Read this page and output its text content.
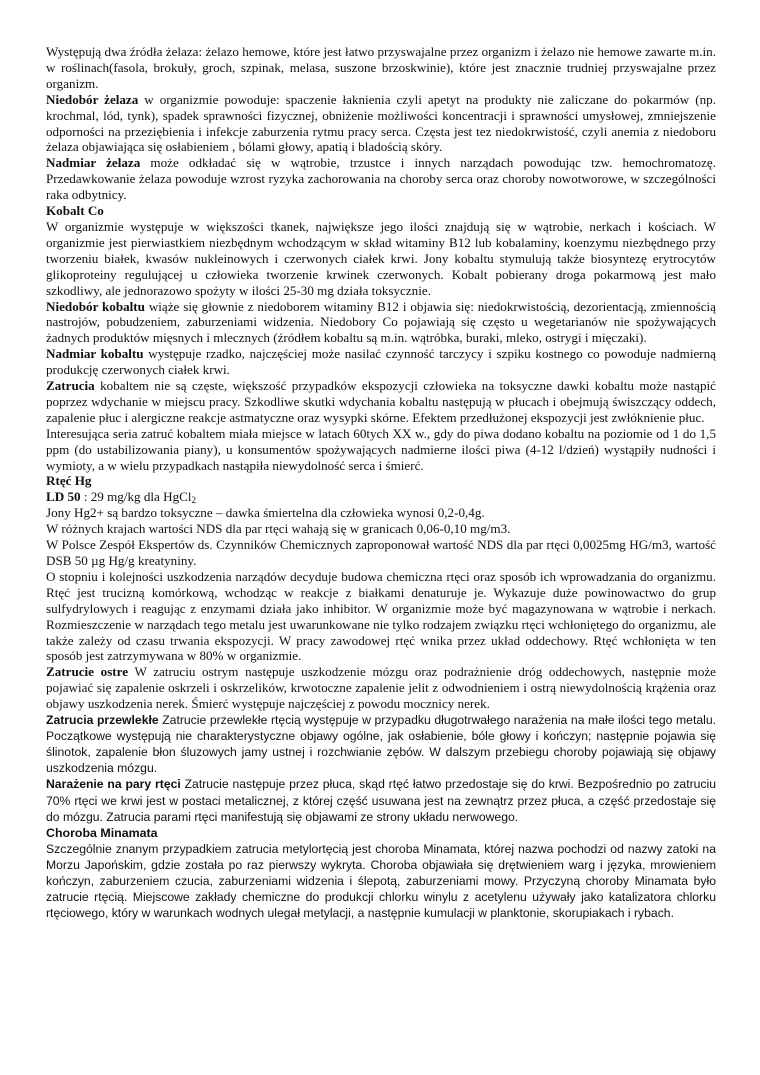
Występują dwa źródła żelaza: żelazo hemowe, które jest łatwo przyswajalne przez organizm i żelazo nie hemowe zawarte m.in. w roślinach(fasola, brokuły, groch, szpinak, melasa, suszone brzoskwinie), które jest znacznie trudniej przyswajalne przez organizm.

Niedobór żelaza w organizmie powoduje: spaczenie łaknienia czyli apetyt na produkty nie zaliczane do pokarmów (np. krochmal, lód, tynk), spadek sprawności fizycznej, obniżenie możliwości koncentracji i sprawności umysłowej, zmniejszenie odporności na przeziębienia i infekcje zaburzenia rytmu pracy serca. Częsta jest tez niedokrwistość, czyli anemia z niedoboru żelaza objawiająca się osłabieniem , bólami głowy, apatią i bladością skóry.

Nadmiar żelaza może odkładać się w wątrobie, trzustce i innych narządach powodując tzw. hemochromatozę. Przedawkowanie żelaza powoduje wzrost ryzyka zachorowania na choroby serca oraz choroby nowotworowe, w szczególności raka odbytnicy.

Kobalt Co

W organizmie występuje w większości tkanek, największe jego ilości znajdują się w wątrobie, nerkach i kościach. W organizmie jest pierwiastkiem niezbędnym wchodzącym w skład witaminy B12 lub kobalaminy, koenzymu niezbędnego przy tworzeniu białek, kwasów nukleinowych i czerwonych ciałek krwi. Jony kobaltu stymulują także biosyntezę erytrocytów glikoproteiny regulującej u człowieka tworzenie krwinek czerwonych. Kobalt pobierany droga pokarmową jest mało szkodliwy, ale jednorazowo spożyty w ilości 25-30 mg działa toksycznie.

Niedobór kobaltu wiąże się głownie z niedoborem witaminy B12 i objawia się: niedokrwistością, dezorientacją, zmiennością nastrojów, pobudzeniem, zaburzeniami widzenia. Niedobory Co pojawiają się często u wegetarianów nie spożywających żadnych produktów mięsnych i mlecznych (źródłem kobaltu są m.in. wątróbka, buraki, mleko, ostrygi i mięczaki).

Nadmiar kobaltu występuje rzadko, najczęściej może nasilać czynność tarczycy i szpiku kostnego co powoduje nadmierną produkcję czerwonych ciałek krwi.

Zatrucia kobaltem nie są częste, większość przypadków ekspozycji człowieka na toksyczne dawki kobaltu może nastąpić poprzez wdychanie w miejscu pracy. Szkodliwe skutki wdychania kobaltu następują w płucach i obejmują świszczący oddech, zapalenie płuc i alergiczne reakcje astmatyczne oraz wysypki skórne. Efektem przedłużonej ekspozycji jest zwłóknienie płuc.

Interesująca seria zatruć kobaltem miała miejsce w latach 60tych XX w., gdy do piwa dodano kobaltu na poziomie od 1 do 1,5 ppm (do ustabilizowania piany), u konsumentów spożywających nadmierne ilości piwa (4-12 l/dzień) wystąpiły nudności i wymioty, a w wielu przypadkach nastąpiła niewydolność serca i śmierć.

Rtęć Hg

LD 50 : 29 mg/kg dla HgCl$_2$

Jony Hg2+ są bardzo toksyczne – dawka śmiertelna dla człowieka wynosi 0,2-0,4g.

W różnych krajach wartości NDS dla par rtęci wahają się w granicach 0,06-0,10 mg/m3.

W Polsce Zespół Ekspertów ds. Czynników Chemicznych zaproponował wartość NDS dla par rtęci 0,0025mg HG/m3, wartość DSB 50 µg Hg/g kreatyniny.

O stopniu i kolejności uszkodzenia narządów decyduje budowa chemiczna rtęci oraz sposób ich wprowadzania do organizmu. Rtęć jest trucizną komórkową, wchodząc w reakcje z białkami denaturuje je. Wykazuje duże powinowactwo do grup sulfydrylowych i reagując z enzymami działa jako inhibitor. W organizmie może być magazynowana w wątrobie i nerkach. Rozmieszczenie w narządach tego metalu jest uwarunkowane nie tylko rodzajem związku rtęci wchłoniętego do organizmu, ale także zależy od czasu trwania ekspozycji. W pracy zawodowej rtęć wnika przez układ oddechowy. Rtęć wchłonięta w ten sposób jest zatrzymywana w 80% w organizmie.

Zatrucie ostre W zatruciu ostrym następuje uszkodzenie mózgu oraz podrażnienie dróg oddechowych, następnie może pojawiać się zapalenie oskrzeli i oskrzelików, krwotoczne zapalenie jelit z odwodnieniem i ostrą niewydolnością krążenia oraz objawy uszkodzenia nerek. Śmierć występuje najczęściej z powodu mocznicy nerek.

Zatrucia przewlekłe Zatrucie przewlekłe rtęcią występuje w przypadku długotrwałego narażenia na małe ilości tego metalu. Początkowe występują nie charakterystyczne objawy ogólne, jak osłabienie, bóle głowy i kończyn; następnie pojawia się ślinotok, zapalenie błon śluzowych jamy ustnej i rozchwianie zębów. W dalszym przebiegu choroby pojawiają się objawy uszkodzenia mózgu.

Narażenie na pary rtęci Zatrucie następuje przez płuca, skąd rtęć łatwo przedostaje się do krwi. Bezpośrednio po zatruciu 70% rtęci we krwi jest w postaci metalicznej, z której część usuwana jest na zewnątrz przez płuca, a część przedostaje się do mózgu. Zatrucia parami rtęci manifestują się objawami ze strony układu nerwowego.

Choroba Minamata

Szczególnie znanym przypadkiem zatrucia metylortęcią jest choroba Minamata, której nazwa pochodzi od nazwy zatoki na Morzu Japońskim, gdzie została po raz pierwszy wykryta. Choroba objawiała się drętwieniem warg i języka, mrowieniem kończyn, zaburzeniem czucia, zaburzeniami widzenia i ślepotą, zaburzeniami mowy. Przyczyną choroby Minamata było zatrucie rtęcią. Miejscowe zakłady chemiczne do produkcji chlorku winylu z acetylenu używały jako katalizatora chlorku rtęciowego, który w warunkach wodnych ulegał metylacji, a następnie kumulacji w planktonie, skorupiakach i rybach.
